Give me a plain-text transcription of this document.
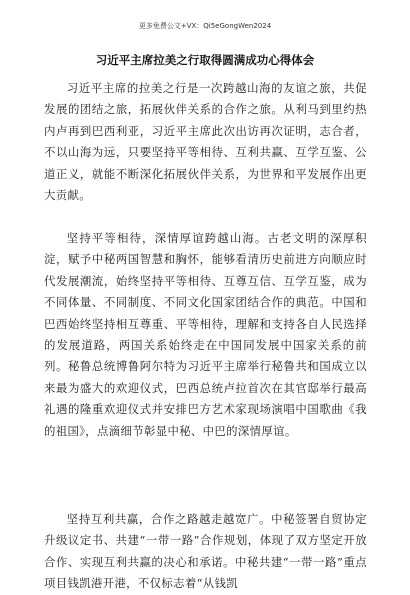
更多免费公文+VX：Qi5eGongWen2024
习近平主席拉美之行取得圆满成功心得体会

习近平主席的拉美之行是一次跨越山海的友谊之旅，共促发展的团结之旅，拓展伙伴关系的合作之旅。从利马到里约热内卢再到巴西利亚，习近平主席此次出访再次证明，志合者，不以山海为远，只要坚持平等相待、互利共赢、互学互鉴、公道正义，就能不断深化拓展伙伴关系，为世界和平发展作出更大贡献。

坚持平等相待，深情厚谊跨越山海。古老文明的深厚积淀，赋予中秘两国智慧和胸怀，能够看清历史前进方向顺应时代发展潮流，始终坚持平等相待、互尊互信、互学互鉴，成为不同体量、不同制度、不同文化国家团结合作的典范。中国和巴西始终坚持相互尊重、平等相待，理解和支持各自人民选择的发展道路，两国关系始终走在中国同发展中国家关系的前列。秘鲁总统博鲁阿尔特为习近平主席举行秘鲁共和国成立以来最为盛大的欢迎仪式，巴西总统卢拉首次在其官邸举行最高礼遇的隆重欢迎仪式并安排巴方艺术家现场演唱中国歌曲《我的祖国》，点滴细节彰显中秘、中巴的深情厚谊。

坚持互利共赢，合作之路越走越宽广。中秘签署自贸协定升级议定书、共建“一带一路”合作规划，体现了双方坚定开放合作、实现互利共赢的决心和承诺。中秘共建“一带一路”重点项目钱凯港开港，不仅标志着“从钱凯
